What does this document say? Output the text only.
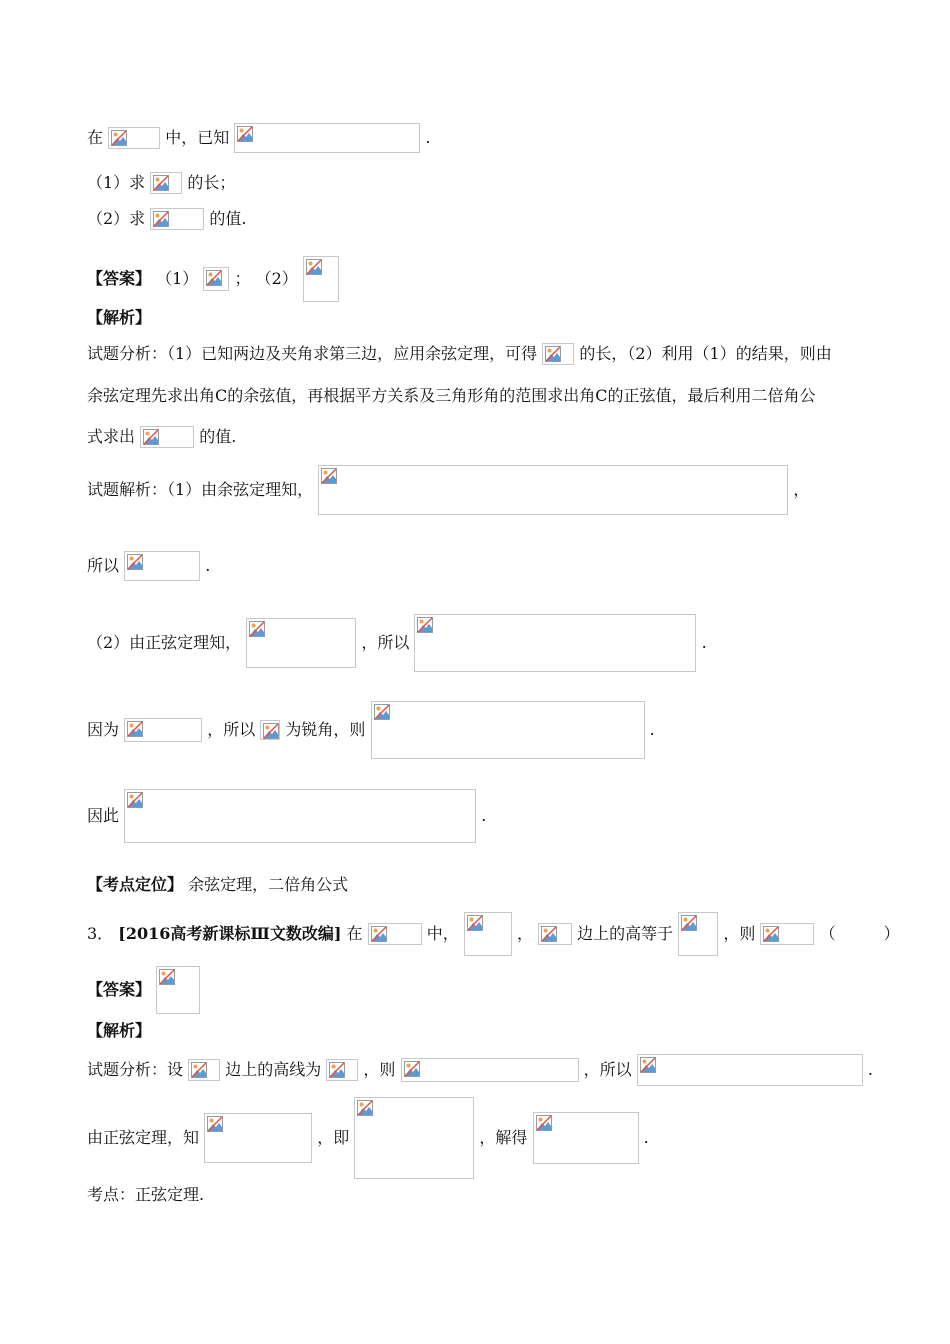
在	中，已知	.
（1）求	的长；
（2）求	的值.
【答案】 （1） ； （2）
【解析】
试题分析：（1）已知两边及夹角求第三边，应用余弦定理，可得	的长，（2）利用（1）的结果，则由
余弦定理先求出角C的余弦值，再根据平方关系及三角形角的范围求出角C的正弦值，最后利用二倍角公
式求出	的值.
试题解析：（1）由余弦定理知，	，
所以	.
（2）由正弦定理知，	，所以	.
因为	，所以 为锐角，则	.
因此	.
【考点定位】 余弦定理，二倍角公式
3． [2016高考新课标Ⅲ文数改编] 在	中，	，	边上的高等于	，则	（　　　）
【答案】
【解析】
试题分析：设	边上的高线为	，则	，所以	.
由正弦定理，知	，即	，解得	.
考点：正弦定理.
